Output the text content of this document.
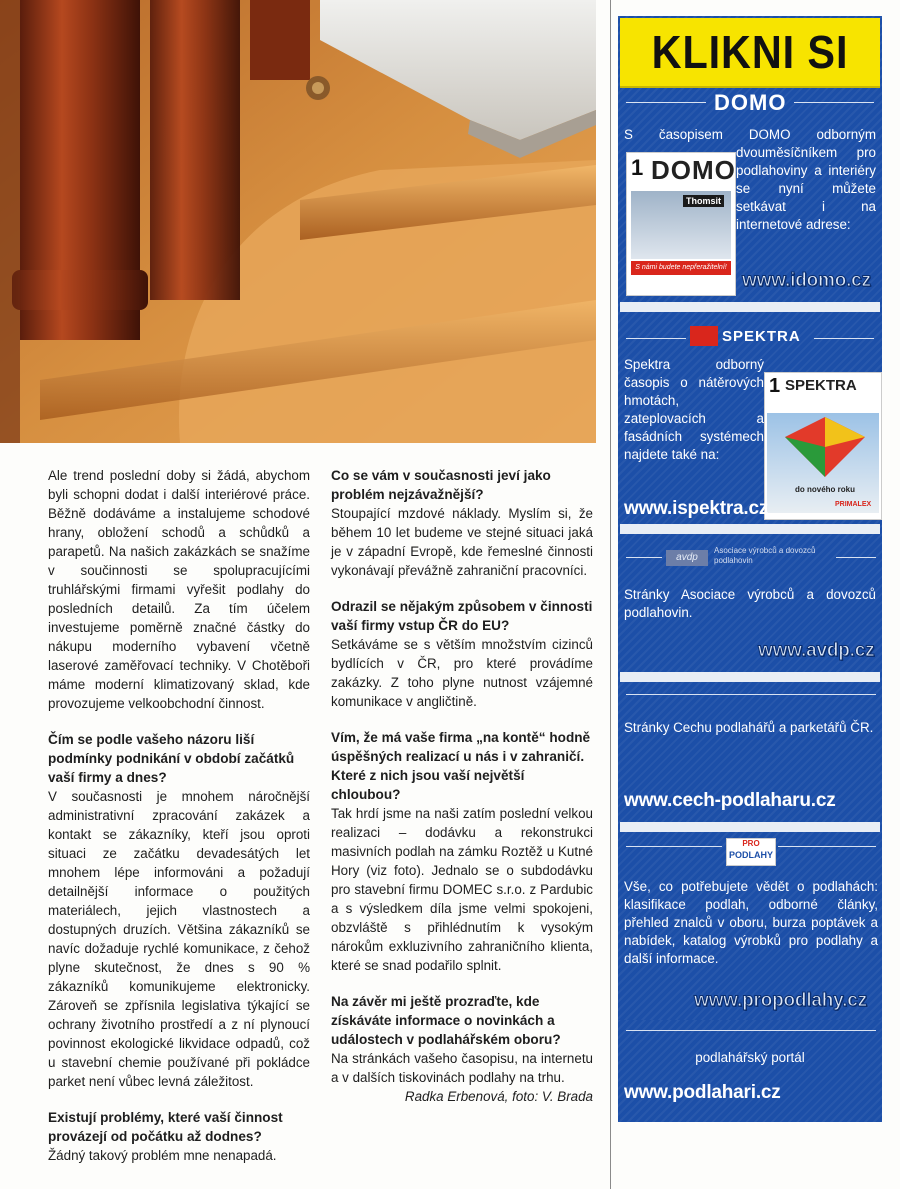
Ale trend poslední doby si žádá, abychom byli schopni dodat i další interiérové práce. Běžně dodáváme a instalujeme schodové hrany, obložení schodů a schůdků a parapetů. Na našich zakázkách se snažíme v součinnosti se spolupracujícími truhlářskými firmami vyřešit podlahy do posledních detailů. Za tím účelem investujeme poměrně značné částky do nákupu moderního vybavení včetně laserové zaměřovací techniky. V Chotěboři máme moderní klimatizovaný sklad, kde provozujeme velkoobchodní činnost.

Čím se podle vašeho názoru liší podmínky podnikání v období začátků vaší firmy a dnes?

V současnosti je mnohem náročnější administrativní zpracování zakázek a kontakt se zákazníky, kteří jsou oproti situaci ze začátku devadesátých let mnohem lépe informováni a požadují detailnější informace o použitých materiálech, jejich vlastnostech a dostupných druzích. Většina zákazníků se navíc dožaduje rychlé komunikace, z čehož plyne skutečnost, že dnes s 90 % zákazníků komunikujeme elektronicky. Zároveň se zpřísnila legislativa týkající se ochrany životního prostředí a z ní plynoucí povinnost ekologické likvidace odpadů, což u stavební chemie používané při pokládce parket není vůbec levná záležitost.

Existují problémy, které vaší činnost provázejí od počátku až dodnes?

Žádný takový problém mne nenapadá.

Co se vám v současnosti jeví jako problém nejzávažnější?

Stoupající mzdové náklady. Myslím si, že během 10 let budeme ve stejné situaci jaká je v západní Evropě, kde řemeslné činnosti vykonávají převážně zahraniční pracovníci.

Odrazil se nějakým způsobem v činnosti vaší firmy vstup ČR do EU?

Setkáváme se s větším množstvím cizinců bydlících v ČR, pro které provádíme zakázky. Z toho plyne nutnost vzájemné komunikace v angličtině.

Vím, že má vaše firma „na kontě“ hodně úspěšných realizací u nás i v zahraničí. Které z nich jsou vaší největší chloubou?

Tak hrdí jsme na naši zatím poslední velkou realizaci – dodávku a rekonstrukci masivních podlah na zámku Roztěž u Kutné Hory (viz foto). Jednalo se o subdodávku pro stavební firmu DOMEC s.r.o. z Pardubic a s výsledkem díla jsme velmi spokojeni, obzvláště s přihlédnutím k vysokým nárokům exkluzivního zahraničního klienta, které se snad podařilo splnit.

Na závěr mi ještě prozraďte, kde získáváte informace o novinkách a událostech v podlahářském oboru?

Na stránkách vašeho časopisu, na internetu a v dalších tiskovinách podlahy na trhu.

Radka Erbenová, foto: V. Brada

KLIKNI SI
DOMO
1 DOMO
Thomsit
S námi budete nepřeražitelní!

S časopisem DOMO odborným dvouměsíčníkem pro podlahoviny a interiéry se nyní můžete setkávat i na internetové adrese:

www.idomo.cz
SPEKTRA
1 SPEKTRA
do nového roku
PRIMALEX

Spektra odborný časopis o nátěrových hmotách, zateplovacích a fasádních systémech najdete také na:

www.ispektra.cz
avdp
Asociace výrobců a dovozců podlahovin

Stránky Asociace výrobců a dovozců podlahovin.

www.avdp.cz

Stránky Cechu podlahářů a parketářů ČR.

www.cech-podlaharu.cz
PRO
PODLAHY

Vše, co potřebujete vědět o podlahách: klasifikace podlah, odborné články, přehled znalců v oboru, burza poptávek a nabídek, katalog výrobků pro podlahy a další informace.

www.propodlahy.cz
podlahářský portál
www.podlahari.cz
